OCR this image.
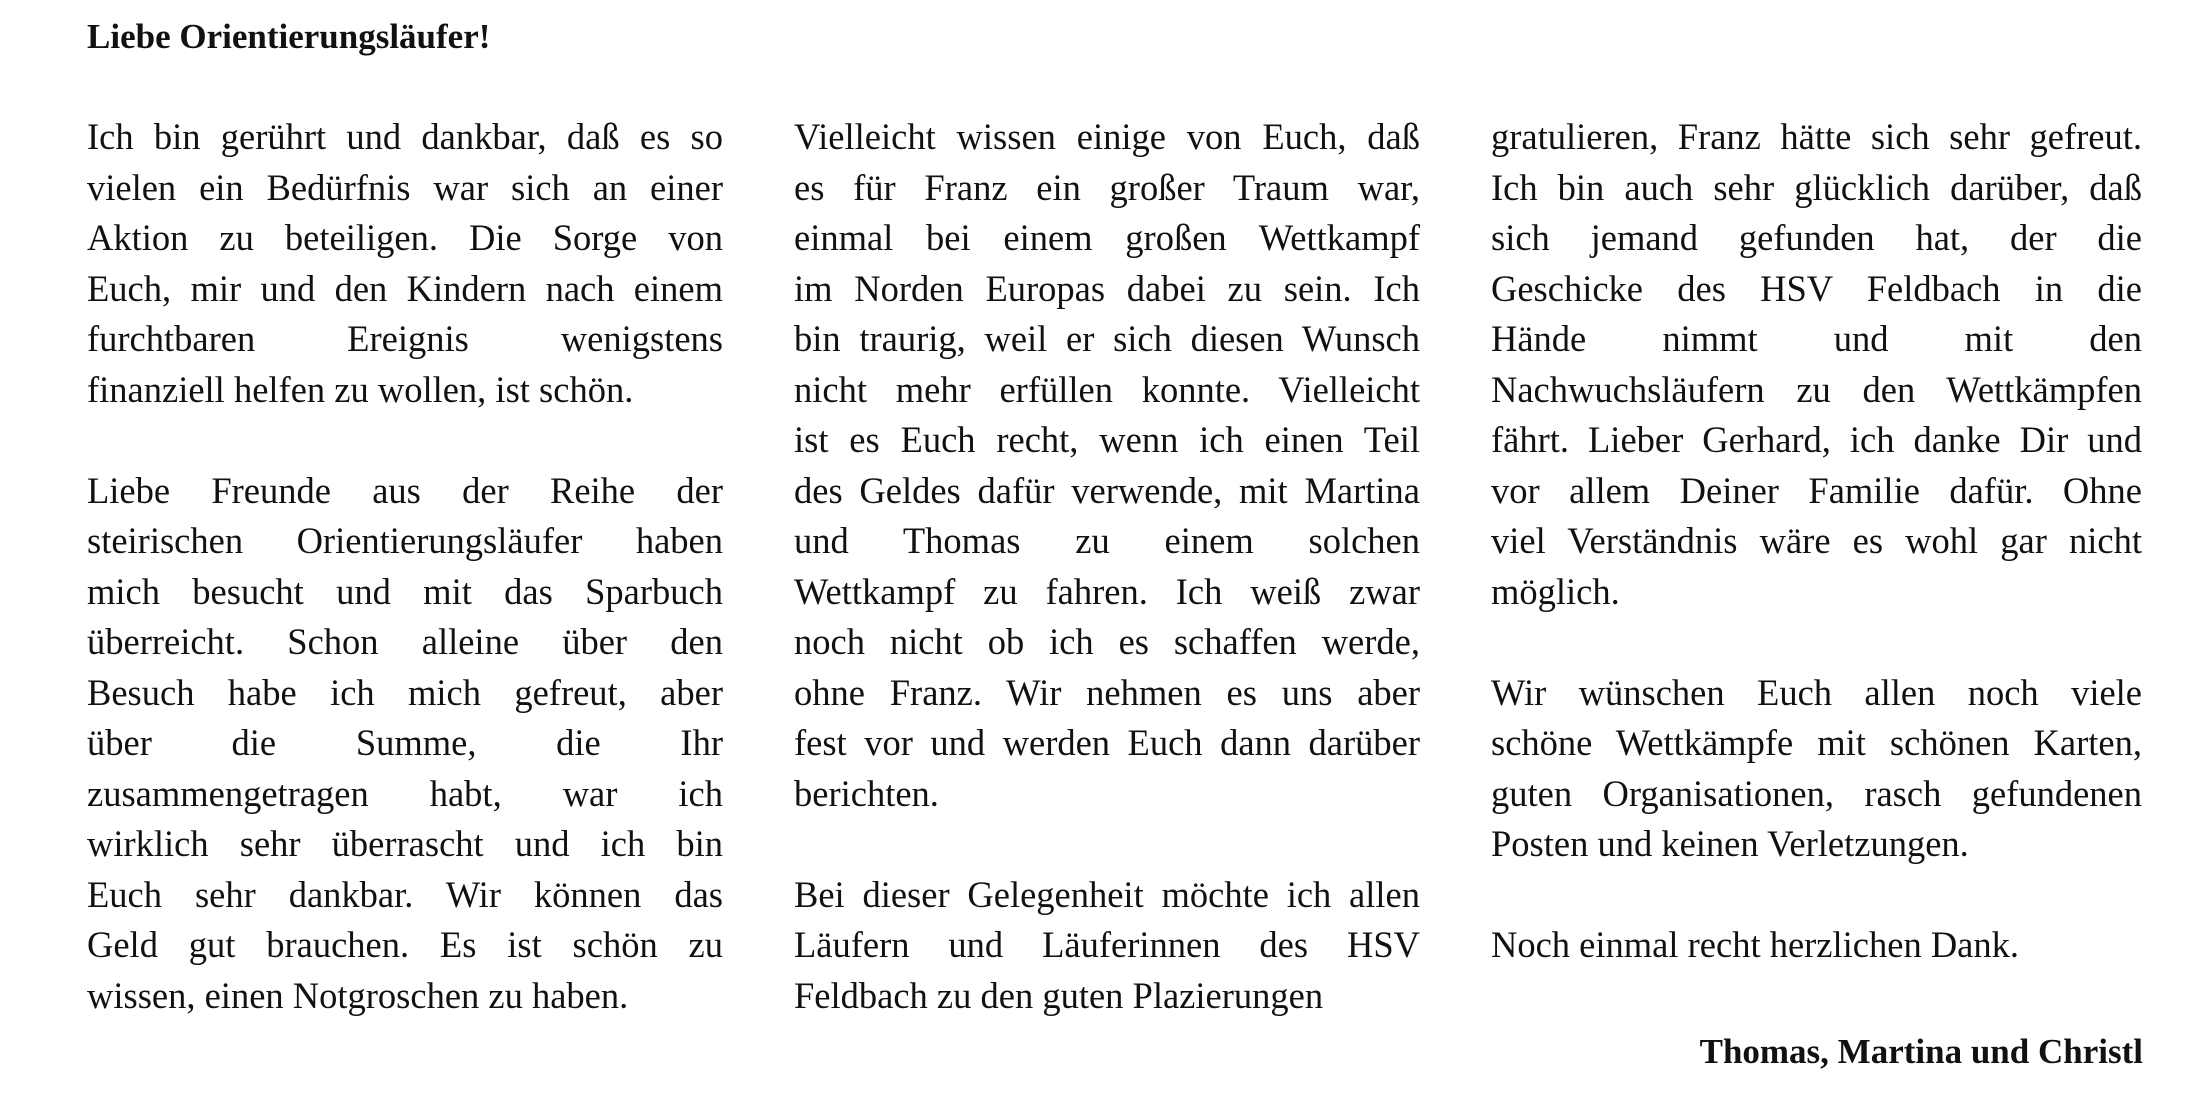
Liebe Orientierungsläufer!

Ich bin gerührt und dankbar, daß es so
vielen ein Bedürfnis war sich an einer
Aktion zu beteiligen. Die Sorge von
Euch, mir und den Kindern nach einem
furchtbaren Ereignis wenigstens
finanziell helfen zu wollen, ist schön.

Liebe Freunde aus der Reihe der
steirischen Orientierungsläufer haben
mich besucht und mit das Sparbuch
überreicht. Schon alleine über den
Besuch habe ich mich gefreut, aber
über die Summe, die Ihr
zusammengetragen habt, war ich
wirklich sehr überrascht und ich bin
Euch sehr dankbar. Wir können das
Geld gut brauchen. Es ist schön zu
wissen, einen Notgroschen zu haben.

Vielleicht wissen einige von Euch, daß
es für Franz ein großer Traum war,
einmal bei einem großen Wettkampf
im Norden Europas dabei zu sein. Ich
bin traurig, weil er sich diesen Wunsch
nicht mehr erfüllen konnte. Vielleicht
ist es Euch recht, wenn ich einen Teil
des Geldes dafür verwende, mit Martina
und Thomas zu einem solchen
Wettkampf zu fahren. Ich weiß zwar
noch nicht ob ich es schaffen werde,
ohne Franz. Wir nehmen es uns aber
fest vor und werden Euch dann darüber
berichten.

Bei dieser Gelegenheit möchte ich allen
Läufern und Läuferinnen des HSV
Feldbach zu den guten Plazierungen

gratulieren, Franz hätte sich sehr gefreut.
Ich bin auch sehr glücklich darüber, daß
sich jemand gefunden hat, der die
Geschicke des HSV Feldbach in die
Hände nimmt und mit den
Nachwuchsläufern zu den Wettkämpfen
fährt. Lieber Gerhard, ich danke Dir und
vor allem Deiner Familie dafür. Ohne
viel Verständnis wäre es wohl gar nicht
möglich.

Wir wünschen Euch allen noch viele
schöne Wettkämpfe mit schönen Karten,
guten Organisationen, rasch gefundenen
Posten und keinen Verletzungen.

Noch einmal recht herzlichen Dank.

Thomas, Martina und Christl
